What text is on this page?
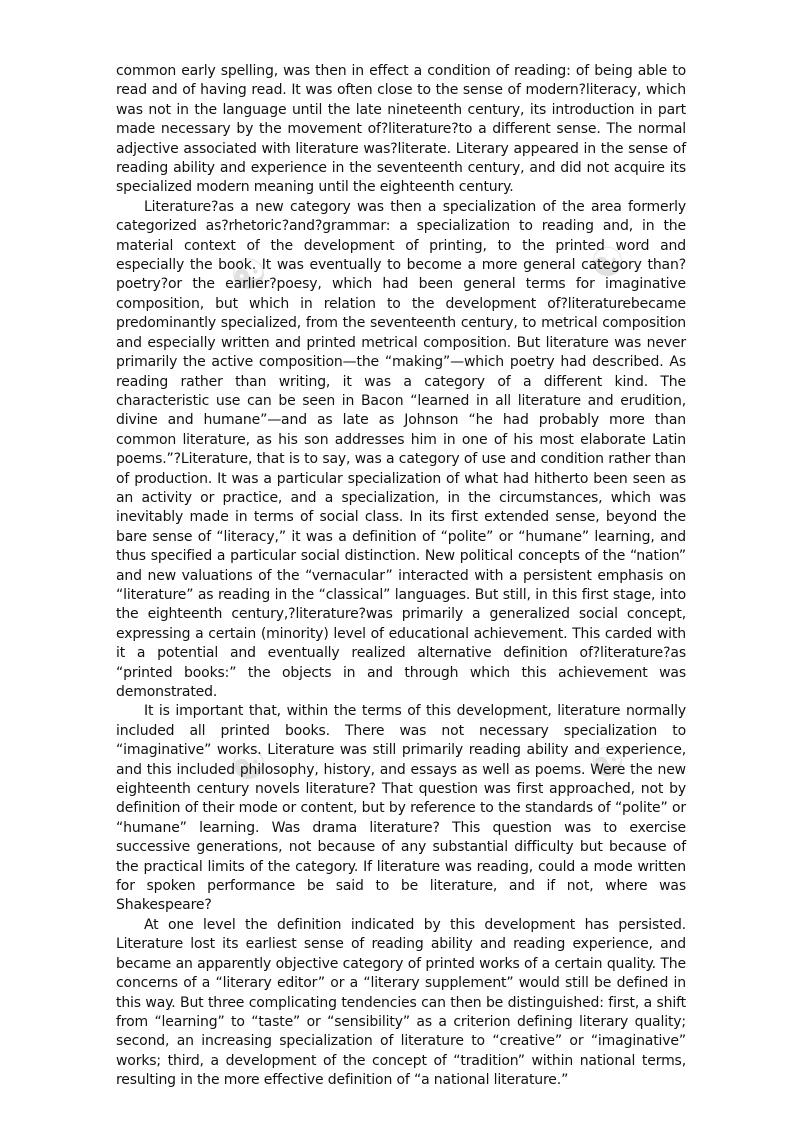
☯	☯
☯	☯

common early spelling, was then in effect a condition of reading: of being able to read and of having read. It was often close to the sense of modern?literacy, which was not in the language until the late nineteenth century, its introduction in part made necessary by the movement of?literature?to a different sense. The normal adjective associated with literature was?literate. Literary appeared in the sense of reading ability and experience in the seventeenth century, and did not acquire its specialized modern meaning until the eighteenth century.

Literature?as a new category was then a specialization of the area formerly categorized as?rhetoric?and?grammar: a specialization to reading and, in the material context of the development of printing, to the printed word and especially the book. It was eventually to become a more general category than?poetry?or the earlier?poesy, which had been general terms for imaginative composition, but which in relation to the development of?literaturebecame predominantly specialized, from the seventeenth century, to metrical composition and especially written and printed metrical composition. But literature was never primarily the active composition—the “making”—which poetry had described. As reading rather than writing, it was a category of a different kind. The characteristic use can be seen in Bacon “learned in all literature and erudition, divine and humane”—and as late as Johnson “he had probably more than common literature, as his son addresses him in one of his most elaborate Latin poems.”?Literature, that is to say, was a category of use and condition rather than of production. It was a particular specialization of what had hitherto been seen as an activity or practice, and a specialization, in the circumstances, which was inevitably made in terms of social class. In its first extended sense, beyond the bare sense of “literacy,” it was a definition of “polite” or “humane” learning, and thus specified a particular social distinction. New political concepts of the “nation” and new valuations of the “vernacular” interacted with a persistent emphasis on “literature” as reading in the “classical” languages. But still, in this first stage, into the eighteenth century,?literature?was primarily a generalized social concept, expressing a certain (minority) level of educational achievement. This carded with it a potential and eventually realized alternative definition of?literature?as “printed books:” the objects in and through which this achievement was demonstrated.

It is important that, within the terms of this development, literature normally included all printed books. There was not necessary specialization to “imaginative” works. Literature was still primarily reading ability and experience, and this included philosophy, history, and essays as well as poems. Were the new eighteenth century novels literature? That question was first approached, not by definition of their mode or content, but by reference to the standards of “polite” or “humane” learning. Was drama literature? This question was to exercise successive generations, not because of any substantial difficulty but because of the practical limits of the category. If literature was reading, could a mode written for spoken performance be said to be literature, and if not, where was Shakespeare?

At one level the definition indicated by this development has persisted. Literature lost its earliest sense of reading ability and reading experience, and became an apparently objective category of printed works of a certain quality. The concerns of a “literary editor” or a “literary supplement” would still be defined in this way. But three complicating tendencies can then be distinguished: first, a shift from “learning” to “taste” or “sensibility” as a criterion defining literary quality; second, an increasing specialization of literature to “creative” or “imaginative” works; third, a development of the concept of “tradition” within national terms, resulting in the more effective definition of “a national literature.”
